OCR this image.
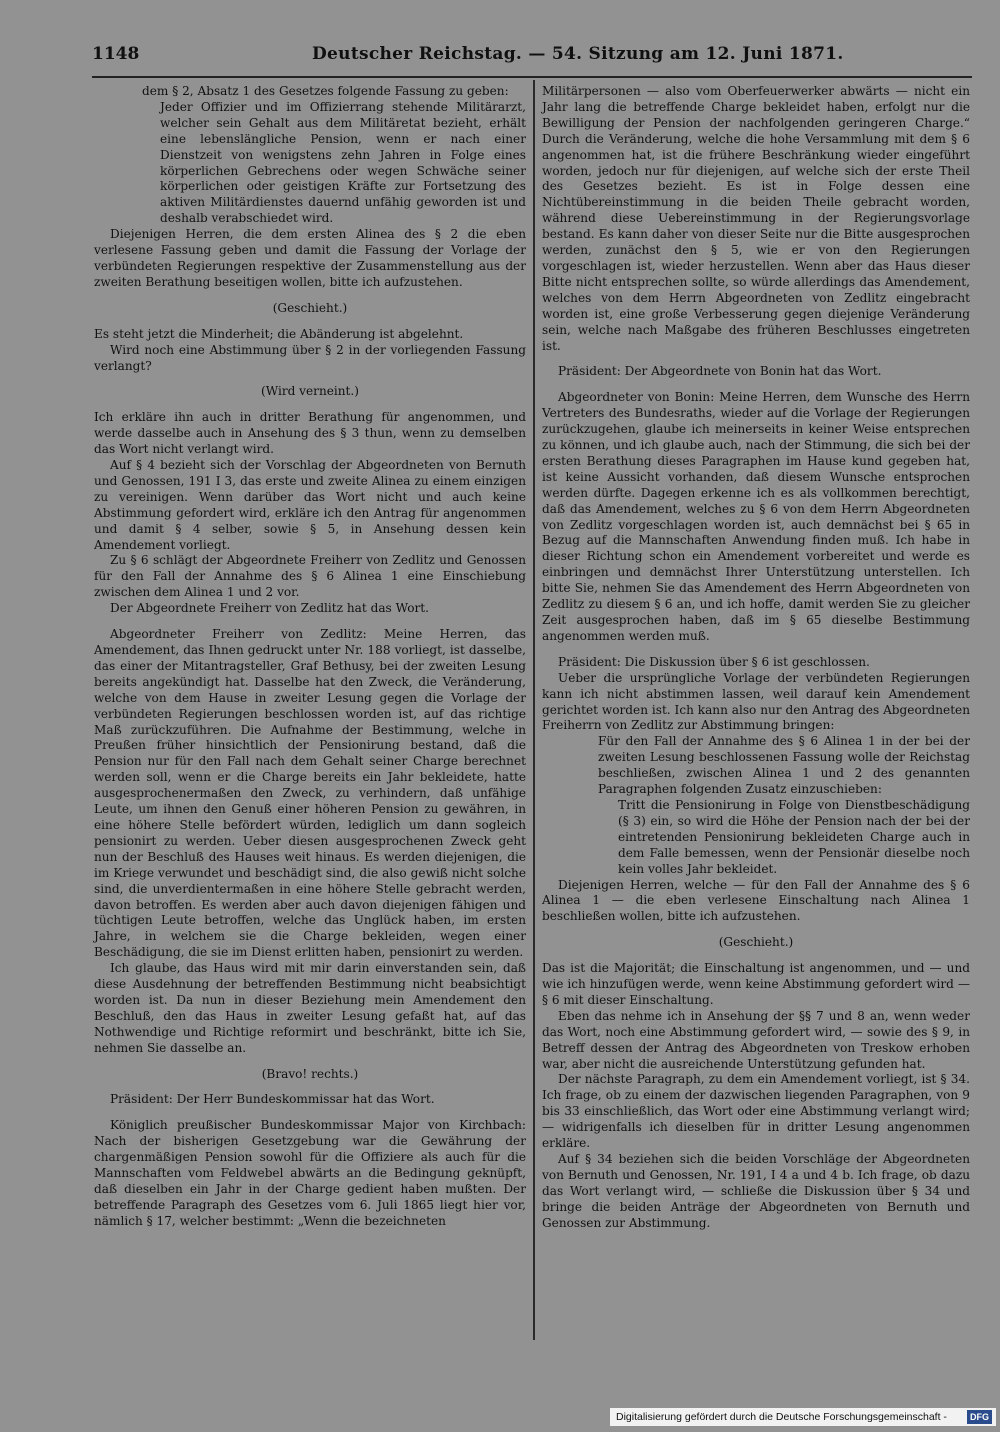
1148	Deutscher Reichstag. — 54. Sitzung am 12. Juni 1871.

dem § 2, Absatz 1 des Gesetzes folgende Fassung zu geben:

Jeder Offizier und im Offizierrang stehende Militärarzt, welcher sein Gehalt aus dem Militäretat bezieht, erhält eine lebenslängliche Pension, wenn er nach einer Dienstzeit von wenigstens zehn Jahren in Folge eines körperlichen Gebrechens oder wegen Schwäche seiner körperlichen oder geistigen Kräfte zur Fortsetzung des aktiven Militärdienstes dauernd unfähig geworden ist und deshalb verabschiedet wird.

Diejenigen Herren, die dem ersten Alinea des § 2 die eben verlesene Fassung geben und damit die Fassung der Vorlage der verbündeten Regierungen respektive der Zusammenstellung aus der zweiten Berathung beseitigen wollen, bitte ich aufzustehen.

(Geschieht.)

Es steht jetzt die Minderheit; die Abänderung ist abgelehnt.

Wird noch eine Abstimmung über § 2 in der vorliegenden Fassung verlangt?

(Wird verneint.)

Ich erkläre ihn auch in dritter Berathung für angenommen, und werde dasselbe auch in Ansehung des § 3 thun, wenn zu demselben das Wort nicht verlangt wird.

Auf § 4 bezieht sich der Vorschlag der Abgeordneten von Bernuth und Genossen, 191 I 3, das erste und zweite Alinea zu einem einzigen zu vereinigen. Wenn darüber das Wort nicht und auch keine Abstimmung gefordert wird, erkläre ich den Antrag für angenommen und damit § 4 selber, sowie § 5, in Ansehung dessen kein Amendement vorliegt.

Zu § 6 schlägt der Abgeordnete Freiherr von Zedlitz und Genossen für den Fall der Annahme des § 6 Alinea 1 eine Einschiebung zwischen dem Alinea 1 und 2 vor.

Der Abgeordnete Freiherr von Zedlitz hat das Wort.

Abgeordneter Freiherr von Zedlitz: Meine Herren, das Amendement, das Ihnen gedruckt unter Nr. 188 vorliegt, ist dasselbe, das einer der Mitantragsteller, Graf Bethusy, bei der zweiten Lesung bereits angekündigt hat. Dasselbe hat den Zweck, die Veränderung, welche von dem Hause in zweiter Lesung gegen die Vorlage der verbündeten Regierungen beschlossen worden ist, auf das richtige Maß zurückzuführen. Die Aufnahme der Bestimmung, welche in Preußen früher hinsichtlich der Pensionirung bestand, daß die Pension nur für den Fall nach dem Gehalt seiner Charge berechnet werden soll, wenn er die Charge bereits ein Jahr bekleidete, hatte ausgesprochenermaßen den Zweck, zu verhindern, daß unfähige Leute, um ihnen den Genuß einer höheren Pension zu gewähren, in eine höhere Stelle befördert würden, lediglich um dann sogleich pensionirt zu werden. Ueber diesen ausgesprochenen Zweck geht nun der Beschluß des Hauses weit hinaus. Es werden diejenigen, die im Kriege verwundet und beschädigt sind, die also gewiß nicht solche sind, die unverdientermaßen in eine höhere Stelle gebracht werden, davon betroffen. Es werden aber auch davon diejenigen fähigen und tüchtigen Leute betroffen, welche das Unglück haben, im ersten Jahre, in welchem sie die Charge bekleiden, wegen einer Beschädigung, die sie im Dienst erlitten haben, pensionirt zu werden.

Ich glaube, das Haus wird mit mir darin einverstanden sein, daß diese Ausdehnung der betreffenden Bestimmung nicht beabsichtigt worden ist. Da nun in dieser Beziehung mein Amendement den Beschluß, den das Haus in zweiter Lesung gefaßt hat, auf das Nothwendige und Richtige reformirt und beschränkt, bitte ich Sie, nehmen Sie dasselbe an.

(Bravo! rechts.)

Präsident: Der Herr Bundeskommissar hat das Wort.

Königlich preußischer Bundeskommissar Major von Kirchbach: Nach der bisherigen Gesetzgebung war die Gewährung der chargenmäßigen Pension sowohl für die Offiziere als auch für die Mannschaften vom Feldwebel abwärts an die Bedingung geknüpft, daß dieselben ein Jahr in der Charge gedient haben mußten. Der betreffende Paragraph des Gesetzes vom 6. Juli 1865 liegt hier vor, nämlich § 17, welcher bestimmt: „Wenn die bezeichneten

Militärpersonen — also vom Oberfeuerwerker abwärts — nicht ein Jahr lang die betreffende Charge bekleidet haben, erfolgt nur die Bewilligung der Pension der nachfolgenden geringeren Charge.“ Durch die Veränderung, welche die hohe Versammlung mit dem § 6 angenommen hat, ist die frühere Beschränkung wieder eingeführt worden, jedoch nur für diejenigen, auf welche sich der erste Theil des Gesetzes bezieht. Es ist in Folge dessen eine Nichtübereinstimmung in die beiden Theile gebracht worden, während diese Uebereinstimmung in der Regierungsvorlage bestand. Es kann daher von dieser Seite nur die Bitte ausgesprochen werden, zunächst den § 5, wie er von den Regierungen vorgeschlagen ist, wieder herzustellen. Wenn aber das Haus dieser Bitte nicht entsprechen sollte, so würde allerdings das Amendement, welches von dem Herrn Abgeordneten von Zedlitz eingebracht worden ist, eine große Verbesserung gegen diejenige Veränderung sein, welche nach Maßgabe des früheren Beschlusses eingetreten ist.

Präsident: Der Abgeordnete von Bonin hat das Wort.

Abgeordneter von Bonin: Meine Herren, dem Wunsche des Herrn Vertreters des Bundesraths, wieder auf die Vorlage der Regierungen zurückzugehen, glaube ich meinerseits in keiner Weise entsprechen zu können, und ich glaube auch, nach der Stimmung, die sich bei der ersten Berathung dieses Paragraphen im Hause kund gegeben hat, ist keine Aussicht vorhanden, daß diesem Wunsche entsprochen werden dürfte. Dagegen erkenne ich es als vollkommen berechtigt, daß das Amendement, welches zu § 6 von dem Herrn Abgeordneten von Zedlitz vorgeschlagen worden ist, auch demnächst bei § 65 in Bezug auf die Mannschaften Anwendung finden muß. Ich habe in dieser Richtung schon ein Amendement vorbereitet und werde es einbringen und demnächst Ihrer Unterstützung unterstellen. Ich bitte Sie, nehmen Sie das Amendement des Herrn Abgeordneten von Zedlitz zu diesem § 6 an, und ich hoffe, damit werden Sie zu gleicher Zeit ausgesprochen haben, daß im § 65 dieselbe Bestimmung angenommen werden muß.

Präsident: Die Diskussion über § 6 ist geschlossen.

Ueber die ursprüngliche Vorlage der verbündeten Regierungen kann ich nicht abstimmen lassen, weil darauf kein Amendement gerichtet worden ist. Ich kann also nur den Antrag des Abgeordneten Freiherrn von Zedlitz zur Abstimmung bringen:

Für den Fall der Annahme des § 6 Alinea 1 in der bei der zweiten Lesung beschlossenen Fassung wolle der Reichstag beschließen, zwischen Alinea 1 und 2 des genannten Paragraphen folgenden Zusatz einzuschieben:

Tritt die Pensionirung in Folge von Dienstbeschädigung (§ 3) ein, so wird die Höhe der Pension nach der bei der eintretenden Pensionirung bekleideten Charge auch in dem Falle bemessen, wenn der Pensionär dieselbe noch kein volles Jahr bekleidet.

Diejenigen Herren, welche — für den Fall der Annahme des § 6 Alinea 1 — die eben verlesene Einschaltung nach Alinea 1 beschließen wollen, bitte ich aufzustehen.

(Geschieht.)

Das ist die Majorität; die Einschaltung ist angenommen, und — und wie ich hinzufügen werde, wenn keine Abstimmung gefordert wird — § 6 mit dieser Einschaltung.

Eben das nehme ich in Ansehung der §§ 7 und 8 an, wenn weder das Wort, noch eine Abstimmung gefordert wird, — sowie des § 9, in Betreff dessen der Antrag des Abgeordneten von Treskow erhoben war, aber nicht die ausreichende Unterstützung gefunden hat.

Der nächste Paragraph, zu dem ein Amendement vorliegt, ist § 34. Ich frage, ob zu einem der dazwischen liegenden Paragraphen, von 9 bis 33 einschließlich, das Wort oder eine Abstimmung verlangt wird; — widrigenfalls ich dieselben für in dritter Lesung angenommen erkläre.

Auf § 34 beziehen sich die beiden Vorschläge der Abgeordneten von Bernuth und Genossen, Nr. 191, I 4 a und 4 b. Ich frage, ob dazu das Wort verlangt wird, — schließe die Diskussion über § 34 und bringe die beiden Anträge der Abgeordneten von Bernuth und Genossen zur Abstimmung.

Digitalisierung gefördert durch die Deutsche Forschungsgemeinschaft -	DFG
